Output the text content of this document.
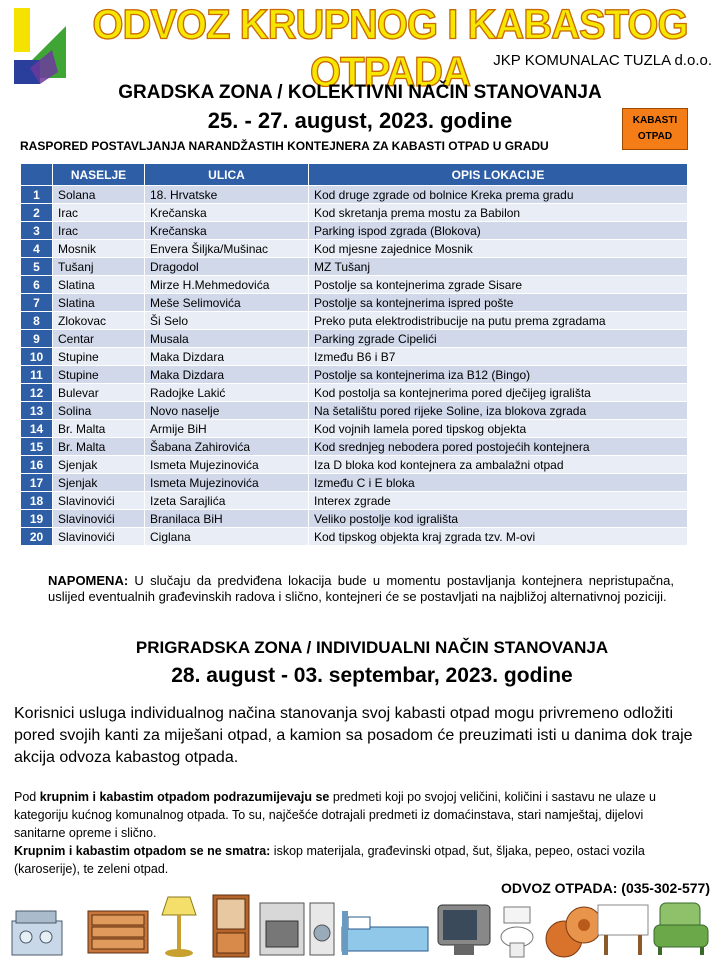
ODVOZ KRUPNOG I KABASTOG OTPADA	JKP KOMUNALAC TUZLA d.o.o.
GRADSKA ZONA / KOLEKTIVNI NAČIN STANOVANJA
25. - 27. august, 2023. godine
RASPORED POSTAVLJANJA NARANDŽASTIH KONTEJNERA ZA KABASTI OTPAD U GRADU
KABASTI
OTPAD
	NASELJE	ULICA	OPIS LOKACIJE
1	Solana	18. Hrvatske	Kod druge zgrade od bolnice Kreka prema gradu
2	Irac	Krečanska	Kod skretanja prema mostu za Babilon
3	Irac	Krečanska	Parking ispod zgrada (Blokova)
4	Mosnik	Envera Šiljka/Mušinac	Kod mjesne zajednice Mosnik
5	Tušanj	Dragodol	MZ Tušanj
6	Slatina	Mirze H.Mehmedovića	Postolje sa kontejnerima zgrade Sisare
7	Slatina	Meše Selimovića	Postolje sa kontejnerima ispred pošte
8	Zlokovac	Ši Selo	Preko puta elektrodistribucije na putu prema zgradama
9	Centar	Musala	Parking zgrade Cipelići
10	Stupine	Maka Dizdara	Između B6 i B7
11	Stupine	Maka Dizdara	Postolje sa kontejnerima iza B12 (Bingo)
12	Bulevar	Radojke Lakić	Kod postolja sa kontejnerima pored dječijeg igrališta
13	Solina	Novo naselje	Na šetalištu pored rijeke Soline, iza blokova zgrada
14	Br. Malta	Armije BiH	Kod vojnih lamela pored tipskog objekta
15	Br. Malta	Šabana Zahirovića	Kod srednjeg nebodera pored postojećih kontejnera
16	Sjenjak	Ismeta Mujezinovića	Iza D bloka kod kontejnera za ambalažni otpad
17	Sjenjak	Ismeta Mujezinovića	Između C i E bloka
18	Slavinovići	Izeta Sarajlića	Interex zgrade
19	Slavinovići	Branilaca BiH	Veliko postolje kod igrališta
20	Slavinovići	Ciglana	Kod tipskog objekta kraj zgrada tzv. M-ovi
NAPOMENA: U slučaju da predviđena lokacija bude u momentu postavljanja kontejnera nepristupačna, uslijed eventualnih građevinskih radova i slično, kontejneri će se postavljati na najbližoj alternativnoj poziciji.
PRIGRADSKA ZONA / INDIVIDUALNI NAČIN STANOVANJA
28. august - 03. septembar, 2023. godine
Korisnici usluga individualnog načina stanovanja svoj kabasti otpad mogu privremeno odložiti pored svojih kanti za miješani otpad, a kamion sa posadom će preuzimati isti u danima dok traje akcija odvoza kabastog otpada.
Pod krupnim i kabastim otpadom podrazumijevaju se predmeti koji po svojoj veličini, količini i sastavu ne ulaze u kategoriju kućnog komunalnog otpada. To su, najčešće dotrajali predmeti iz domaćinstava, stari namještaj, dijelovi sanitarne opreme i slično.
Krupnim i kabastim otpadom se ne smatra: iskop materijala, građevinski otpad, šut, šljaka, pepeo, ostaci vozila (karoserije), te zeleni otpad.
ODVOZ OTPADA: (035-302-577)
